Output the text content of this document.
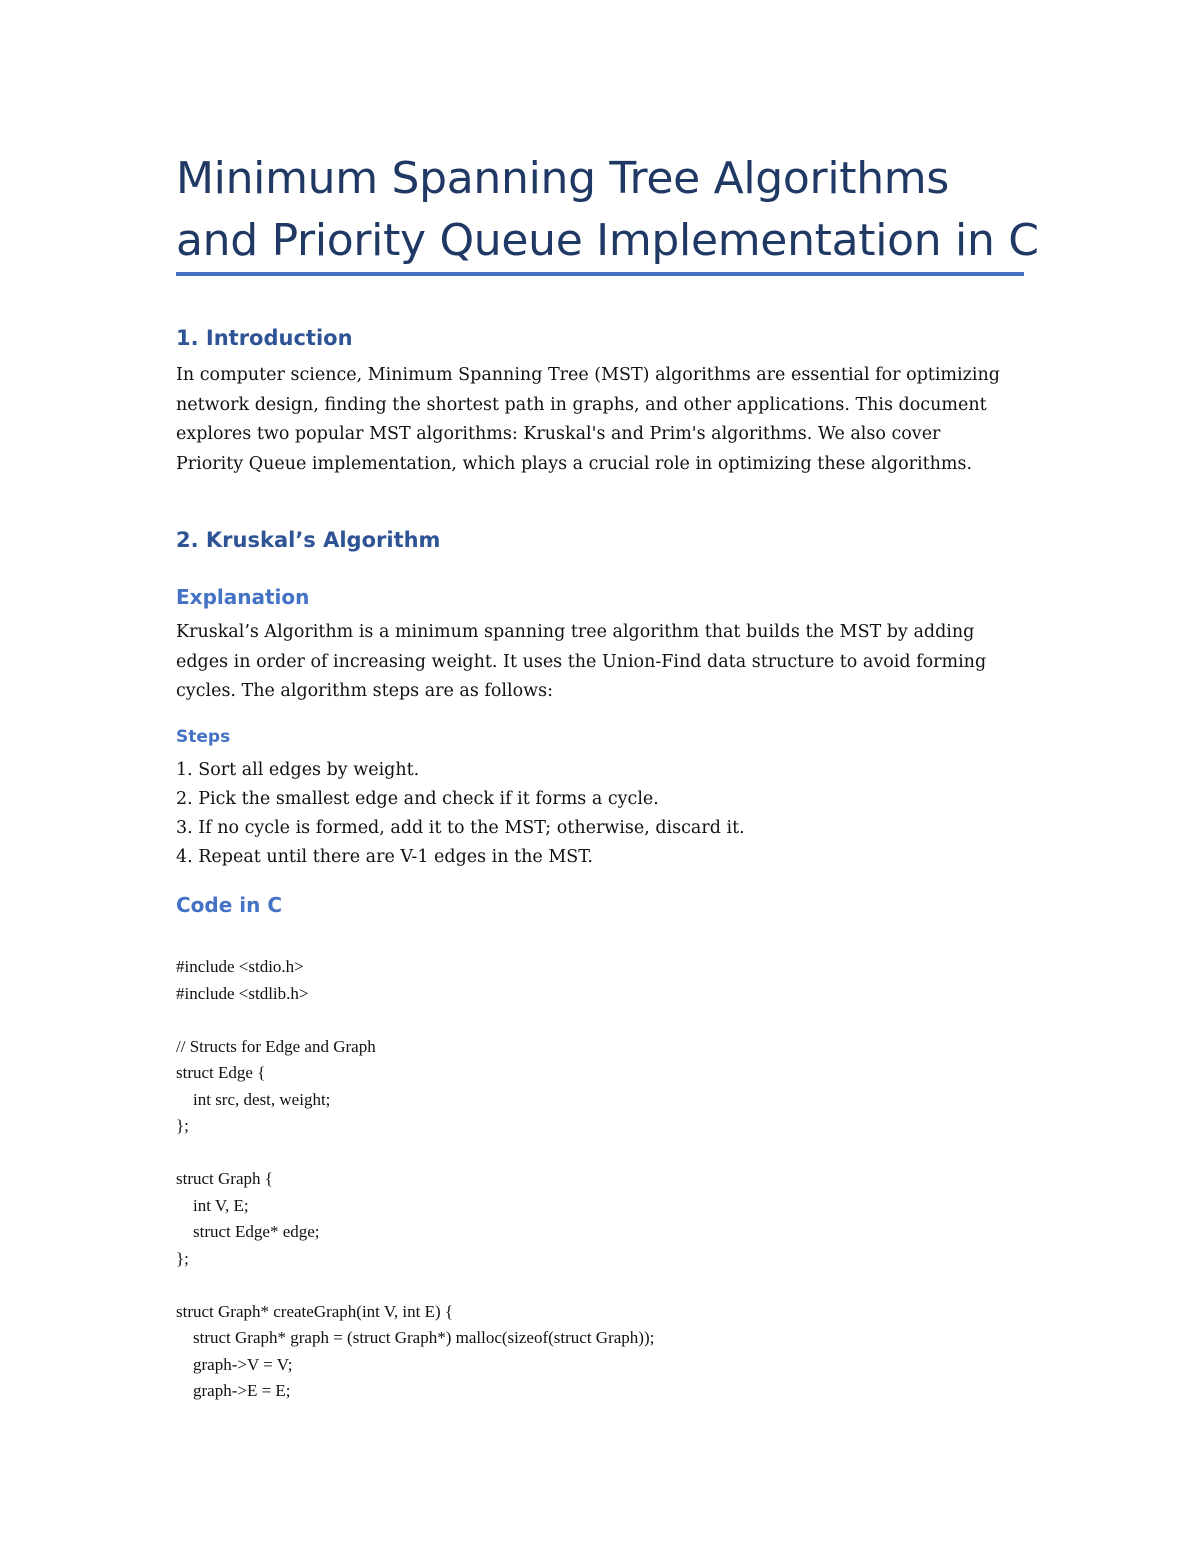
Minimum Spanning Tree Algorithms
and Priority Queue Implementation in C
1. Introduction
In computer science, Minimum Spanning Tree (MST) algorithms are essential for optimizing
network design, finding the shortest path in graphs, and other applications. This document
explores two popular MST algorithms: Kruskal's and Prim's algorithms. We also cover
Priority Queue implementation, which plays a crucial role in optimizing these algorithms.
2. Kruskal’s Algorithm
Explanation
Kruskal’s Algorithm is a minimum spanning tree algorithm that builds the MST by adding
edges in order of increasing weight. It uses the Union-Find data structure to avoid forming
cycles. The algorithm steps are as follows:
Steps
1. Sort all edges by weight.
2. Pick the smallest edge and check if it forms a cycle.
3. If no cycle is formed, add it to the MST; otherwise, discard it.
4. Repeat until there are V-1 edges in the MST.
Code in C
#include <stdio.h>
#include <stdlib.h>
// Structs for Edge and Graph
struct Edge {
int src, dest, weight;
};
struct Graph {
int V, E;
struct Edge* edge;
};
struct Graph* createGraph(int V, int E) {
struct Graph* graph = (struct Graph*) malloc(sizeof(struct Graph));
graph->V = V;
graph->E = E;
